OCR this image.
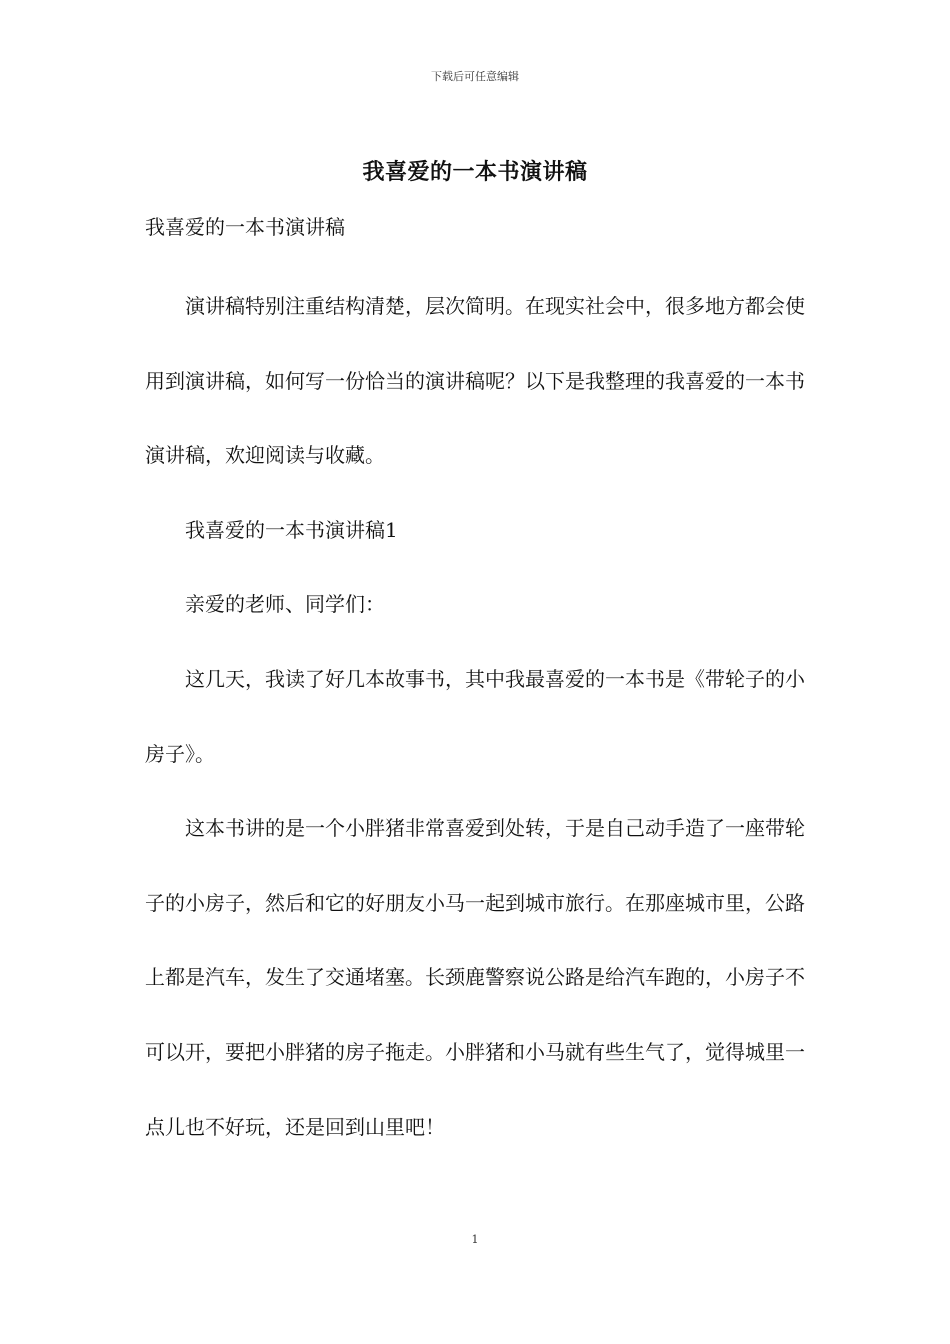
下载后可任意编辑
我喜爱的一本书演讲稿
我喜爱的一本书演讲稿

演讲稿特别注重结构清楚，层次简明。在现实社会中，很多地方都会使用到演讲稿，如何写一份恰当的演讲稿呢？以下是我整理的我喜爱的一本书演讲稿，欢迎阅读与收藏。

我喜爱的一本书演讲稿1

亲爱的老师、同学们：

这几天，我读了好几本故事书，其中我最喜爱的一本书是《带轮子的小房子》。

这本书讲的是一个小胖猪非常喜爱到处转，于是自己动手造了一座带轮子的小房子，然后和它的好朋友小马一起到城市旅行。在那座城市里，公路上都是汽车，发生了交通堵塞。长颈鹿警察说公路是给汽车跑的，小房子不可以开，要把小胖猪的房子拖走。小胖猪和小马就有些生气了，觉得城里一点儿也不好玩，还是回到山里吧！

1
